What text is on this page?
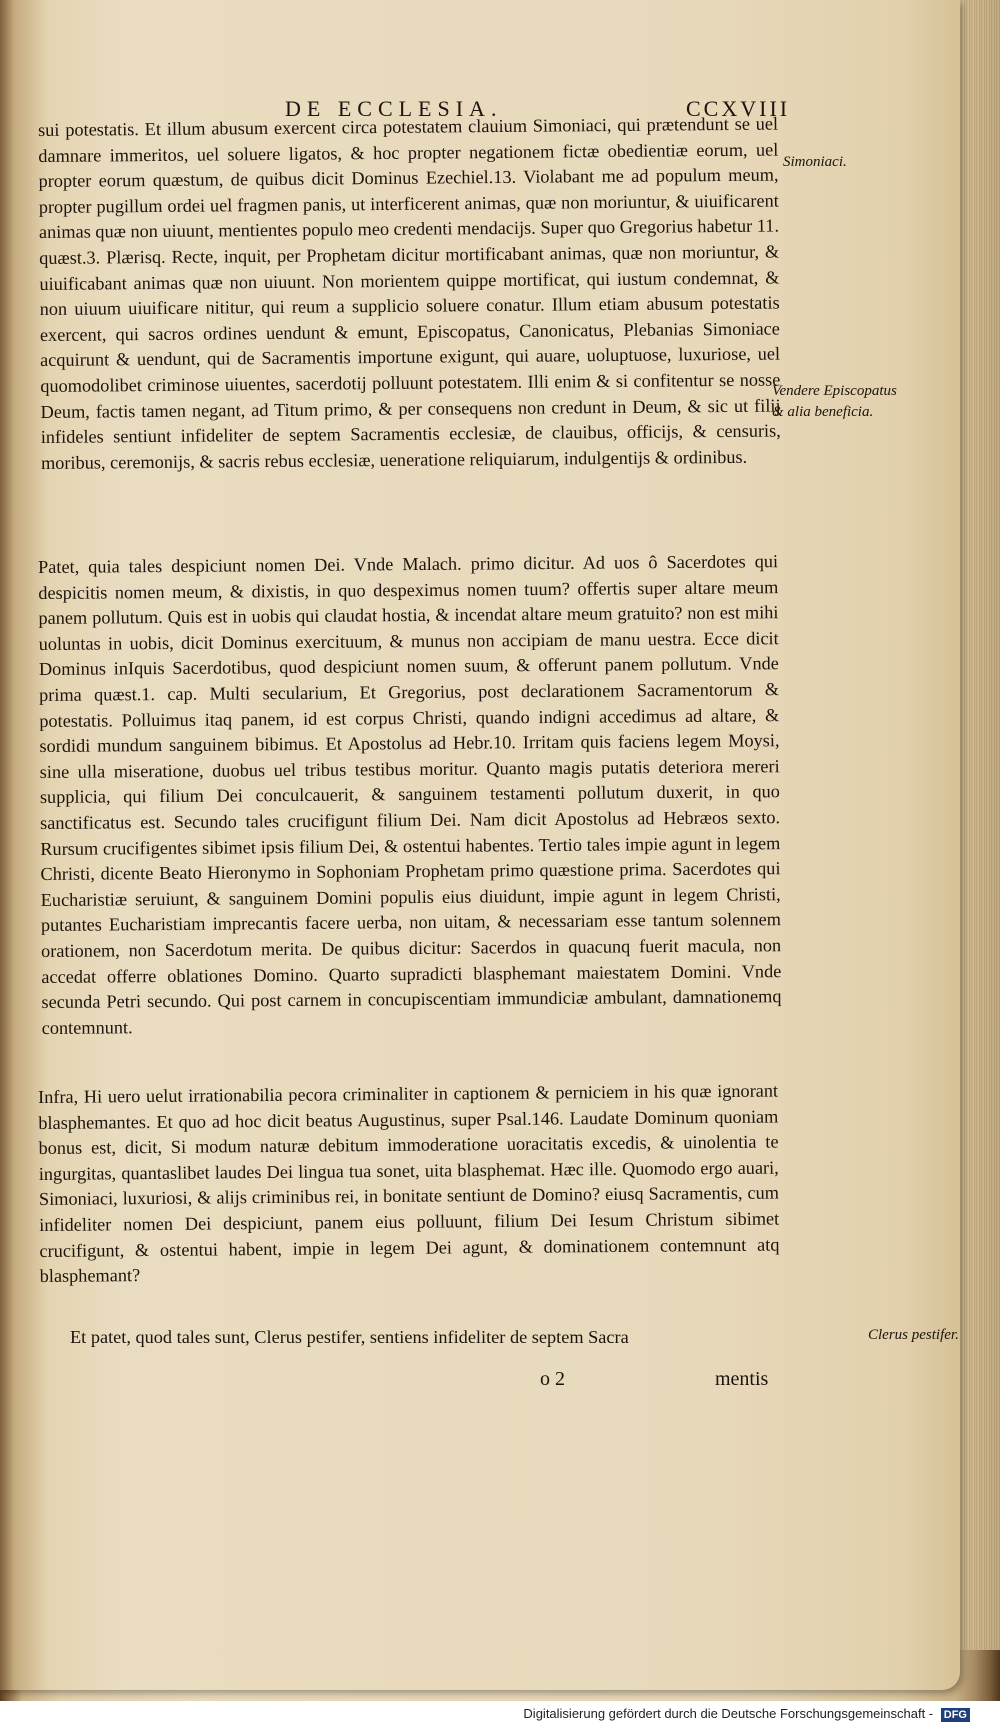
DE ECCLESIA.	CCXVIII
Simoniaci.
Vendere Episcopatus & alia beneficia.
Clerus pestifer.

sui potestatis. Et illum abusum exercent circa potestatem clauium Simoniaci, qui prætendunt se uel damnare immeritos, uel soluere ligatos, & hoc propter negationem fictæ obedientiæ eorum, uel propter eorum quæstum, de quibus dicit Dominus Ezechiel.13. Violabant me ad populum meum, propter pugillum ordei uel fragmen panis, ut interficerent animas, quæ non moriuntur, & uiuificarent animas quæ non uiuunt, mentientes populo meo credenti mendacijs. Super quo Gregorius habetur 11. quæst.3. Plærisq. Recte, inquit, per Prophetam dicitur mortificabant animas, quæ non moriuntur, & uiuificabant animas quæ non uiuunt. Non morientem quippe mortificat, qui iustum condemnat, & non uiuum uiuificare nititur, qui reum a supplicio soluere conatur. Illum etiam abusum potestatis exercent, qui sacros ordines uendunt & emunt, Episcopatus, Canonicatus, Plebanias Simoniace acquirunt & uendunt, qui de Sacramentis importune exigunt, qui auare, uoluptuose, luxuriose, uel quomodolibet criminose uiuentes, sacerdotij polluunt potestatem. Illi enim & si confitentur se nosse Deum, factis tamen negant, ad Titum primo, & per consequens non credunt in Deum, & sic ut filij infideles sentiunt infideliter de septem Sacramentis ecclesiæ, de clauibus, officijs, & censuris, moribus, ceremonijs, & sacris rebus ecclesiæ, ueneratione reliquiarum, indulgentijs & ordinibus.

Patet, quia tales despiciunt nomen Dei. Vnde Malach. primo dicitur. Ad uos ô Sacerdotes qui despicitis nomen meum, & dixistis, in quo despeximus nomen tuum? offertis super altare meum panem pollutum. Quis est in uobis qui claudat hostia, & incendat altare meum gratuito? non est mihi uoluntas in uobis, dicit Dominus exercituum, & munus non accipiam de manu uestra. Ecce dicit Dominus inIquis Sacerdotibus, quod despiciunt nomen suum, & offerunt panem pollutum. Vnde prima quæst.1. cap. Multi secularium, Et Gregorius, post declarationem Sacramentorum & potestatis. Polluimus itaq panem, id est corpus Christi, quando indigni accedimus ad altare, & sordidi mundum sanguinem bibimus. Et Apostolus ad Hebr.10. Irritam quis faciens legem Moysi, sine ulla miseratione, duobus uel tribus testibus moritur. Quanto magis putatis deteriora mereri supplicia, qui filium Dei conculcauerit, & sanguinem testamenti pollutum duxerit, in quo sanctificatus est. Secundo tales crucifigunt filium Dei. Nam dicit Apostolus ad Hebræos sexto. Rursum crucifigentes sibimet ipsis filium Dei, & ostentui habentes. Tertio tales impie agunt in legem Christi, dicente Beato Hieronymo in Sophoniam Prophetam primo quæstione prima. Sacerdotes qui Eucharistiæ seruiunt, & sanguinem Domini populis eius diuidunt, impie agunt in legem Christi, putantes Eucharistiam imprecantis facere uerba, non uitam, & necessariam esse tantum solennem orationem, non Sacerdotum merita. De quibus dicitur: Sacerdos in quacunq fuerit macula, non accedat offerre oblationes Domino. Quarto supradicti blasphemant maiestatem Domini. Vnde secunda Petri secundo. Qui post carnem in concupiscentiam immundiciæ ambulant, damnationemq contemnunt.

Infra, Hi uero uelut irrationabilia pecora criminaliter in captionem & perniciem in his quæ ignorant blasphemantes. Et quo ad hoc dicit beatus Augustinus, super Psal.146. Laudate Dominum quoniam bonus est, dicit, Si modum naturæ debitum immoderatione uoracitatis excedis, & uinolentia te ingurgitas, quantaslibet laudes Dei lingua tua sonet, uita blasphemat. Hæc ille. Quomodo ergo auari, Simoniaci, luxuriosi, & alijs criminibus rei, in bonitate sentiunt de Domino? eiusq Sacramentis, cum infideliter nomen Dei despiciunt, panem eius polluunt, filium Dei Iesum Christum sibimet crucifigunt, & ostentui habent, impie in legem Dei agunt, & dominationem contemnunt atq blasphemant?

Et patet, quod tales sunt, Clerus pestifer, sentiens infideliter de septem Sacra

o 2	mentis
Digitalisierung gefördert durch die Deutsche Forschungsgemeinschaft - DFG
